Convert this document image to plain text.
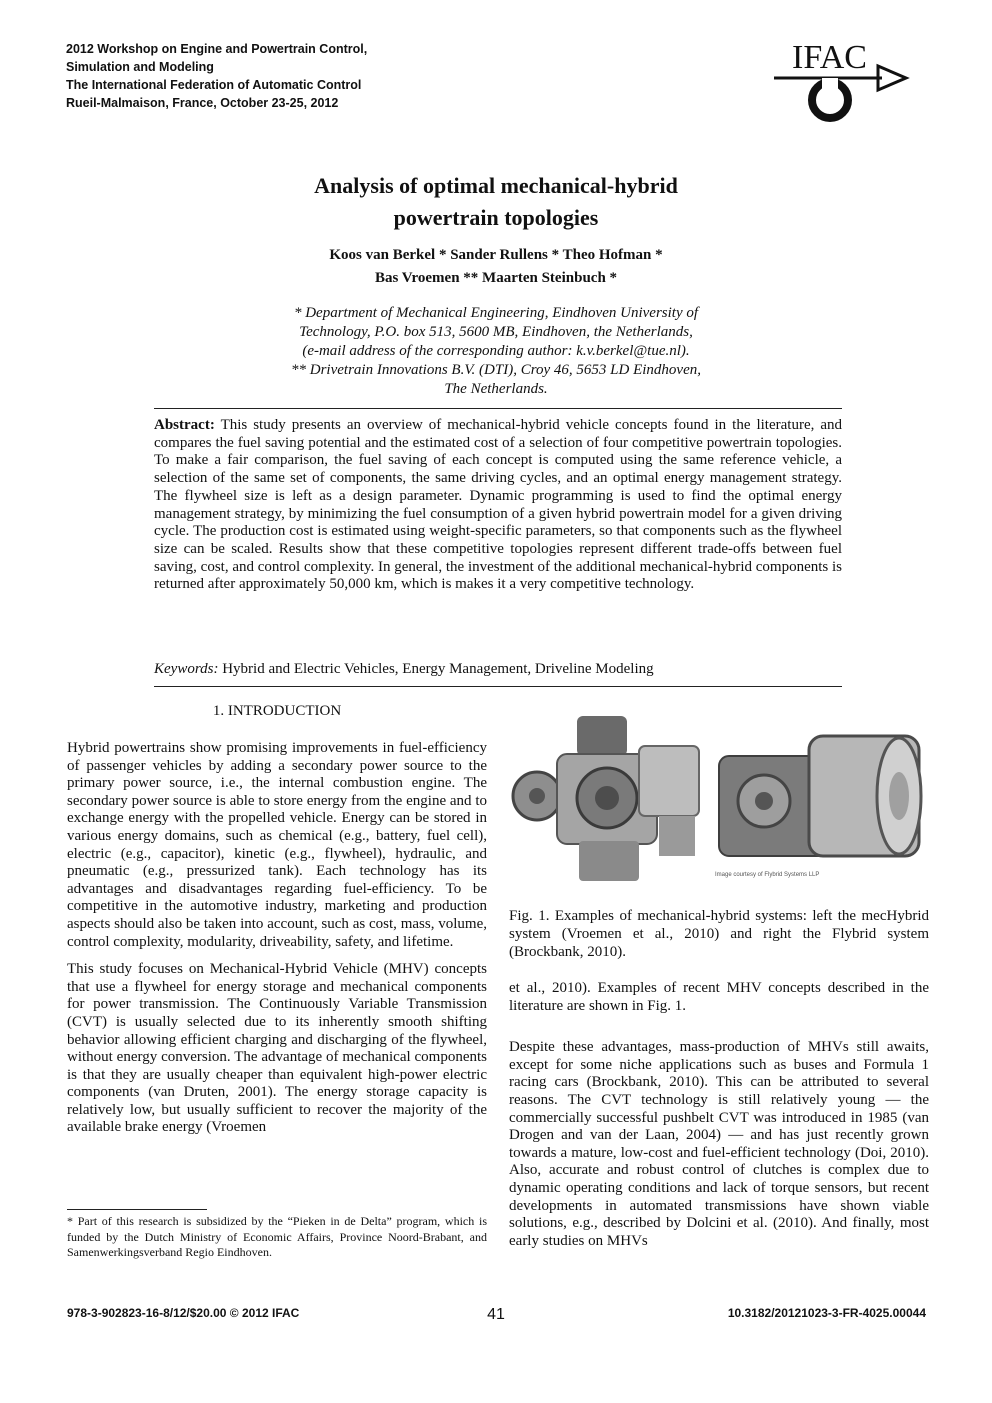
2012 Workshop on Engine and Powertrain Control,
Simulation and Modeling
The International Federation of Automatic Control
Rueil-Malmaison, France, October 23-25, 2012
IFAC
Analysis of optimal mechanical-hybrid
powertrain topologies
Koos van Berkel * Sander Rullens * Theo Hofman *
Bas Vroemen ** Maarten Steinbuch *
* Department of Mechanical Engineering, Eindhoven University of
Technology, P.O. box 513, 5600 MB, Eindhoven, the Netherlands,
(e-mail address of the corresponding author: k.v.berkel@tue.nl).
** Drivetrain Innovations B.V. (DTI), Croy 46, 5653 LD Eindhoven,
The Netherlands.
Abstract: This study presents an overview of mechanical-hybrid vehicle concepts found in the literature, and compares the fuel saving potential and the estimated cost of a selection of four competitive powertrain topologies. To make a fair comparison, the fuel saving of each concept is computed using the same reference vehicle, a selection of the same set of components, the same driving cycles, and an optimal energy management strategy. The flywheel size is left as a design parameter. Dynamic programming is used to find the optimal energy management strategy, by minimizing the fuel consumption of a given hybrid powertrain model for a given driving cycle. The production cost is estimated using weight-specific parameters, so that components such as the flywheel size can be scaled. Results show that these competitive topologies represent different trade-offs between fuel saving, cost, and control complexity. In general, the investment of the additional mechanical-hybrid components is returned after approximately 50,000 km, which is makes it a very competitive technology.
Keywords: Hybrid and Electric Vehicles, Energy Management, Driveline Modeling
1. INTRODUCTION

Hybrid powertrains show promising improvements in fuel-efficiency of passenger vehicles by adding a secondary power source to the primary power source, i.e., the internal combustion engine. The secondary power source is able to store energy from the engine and to exchange energy with the propelled vehicle. Energy can be stored in various energy domains, such as chemical (e.g., battery, fuel cell), electric (e.g., capacitor), kinetic (e.g., flywheel), hydraulic, and pneumatic (e.g., pressurized tank). Each technology has its advantages and disadvantages regarding fuel-efficiency. To be competitive in the automotive industry, marketing and production aspects should also be taken into account, such as cost, mass, volume, control complexity, modularity, driveability, safety, and lifetime.

This study focuses on Mechanical-Hybrid Vehicle (MHV) concepts that use a flywheel for energy storage and mechanical components for power transmission. The Continuously Variable Transmission (CVT) is usually selected due to its inherently smooth shifting behavior allowing efficient charging and discharging of the flywheel, without energy conversion. The advantage of mechanical components is that they are usually cheaper than equivalent high-power electric components (van Druten, 2001). The energy storage capacity is relatively low, but usually sufficient to recover the majority of the available brake energy (Vroemen

* Part of this research is subsidized by the “Pieken in de Delta” program, which is funded by the Dutch Ministry of Economic Affairs, Province Noord-Brabant, and Samenwerkingsverband Regio Eindhoven.
Image courtesy of Flybrid Systems LLP
Fig. 1. Examples of mechanical-hybrid systems: left the mecHybrid system (Vroemen et al., 2010) and right the Flybrid system (Brockbank, 2010).

et al., 2010). Examples of recent MHV concepts described in the literature are shown in Fig. 1.

Despite these advantages, mass-production of MHVs still awaits, except for some niche applications such as buses and Formula 1 racing cars (Brockbank, 2010). This can be attributed to several reasons. The CVT technology is still relatively young — the commercially successful pushbelt CVT was introduced in 1985 (van Drogen and van der Laan, 2004) — and has just recently grown towards a mature, low-cost and fuel-efficient technology (Doi, 2010). Also, accurate and robust control of clutches is complex due to dynamic operating conditions and lack of torque sensors, but recent developments in automated transmissions have shown viable solutions, e.g., described by Dolcini et al. (2010). And finally, most early studies on MHVs

978-3-902823-16-8/12/$20.00 © 2012 IFAC	41	10.3182/20121023-3-FR-4025.00044
